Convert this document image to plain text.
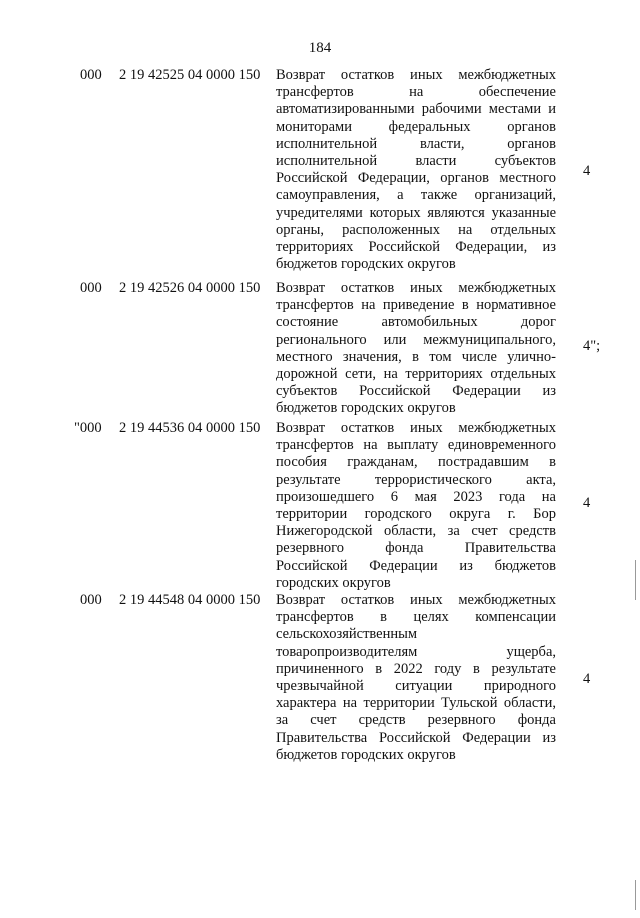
184
000 2 19 42525 04 0000 150 Возврат остатков иных межбюджетных
трансфертов на обеспечение
автоматизированными рабочими местами и
мониторами федеральных органов
исполнительной власти, органов
исполнительной власти субъектов
Российской Федерации, органов местного
самоуправления, а также организаций,
учредителями которых являются указанные
органы, расположенных на отдельных
территориях Российской Федерации, из
бюджетов городских округов
4
000 2 19 42526 04 0000 150 Возврат остатков иных межбюджетных
трансфертов на приведение в нормативное
состояние автомобильных дорог
регионального или межмуниципального,
местного значения, в том числе улично-
дорожной сети, на территориях отдельных
субъектов Российской Федерации из
бюджетов городских округов
4";
"000 2 19 44536 04 0000 150 Возврат остатков иных межбюджетных
трансфертов на выплату единовременного
пособия гражданам, пострадавшим в
результате террористического акта,
произошедшего 6 мая 2023 года на
территории городского округа г. Бор
Нижегородской области, за счет средств
резервного фонда Правительства
Российской Федерации из бюджетов
городских округов
4
000 2 19 44548 04 0000 150 Возврат остатков иных межбюджетных
трансфертов в целях компенсации
сельскохозяйственным
товаропроизводителям ущерба,
причиненного в 2022 году в результате
чрезвычайной ситуации природного
характера на территории Тульской области,
за счет средств резервного фонда
Правительства Российской Федерации из
бюджетов городских округов
4
